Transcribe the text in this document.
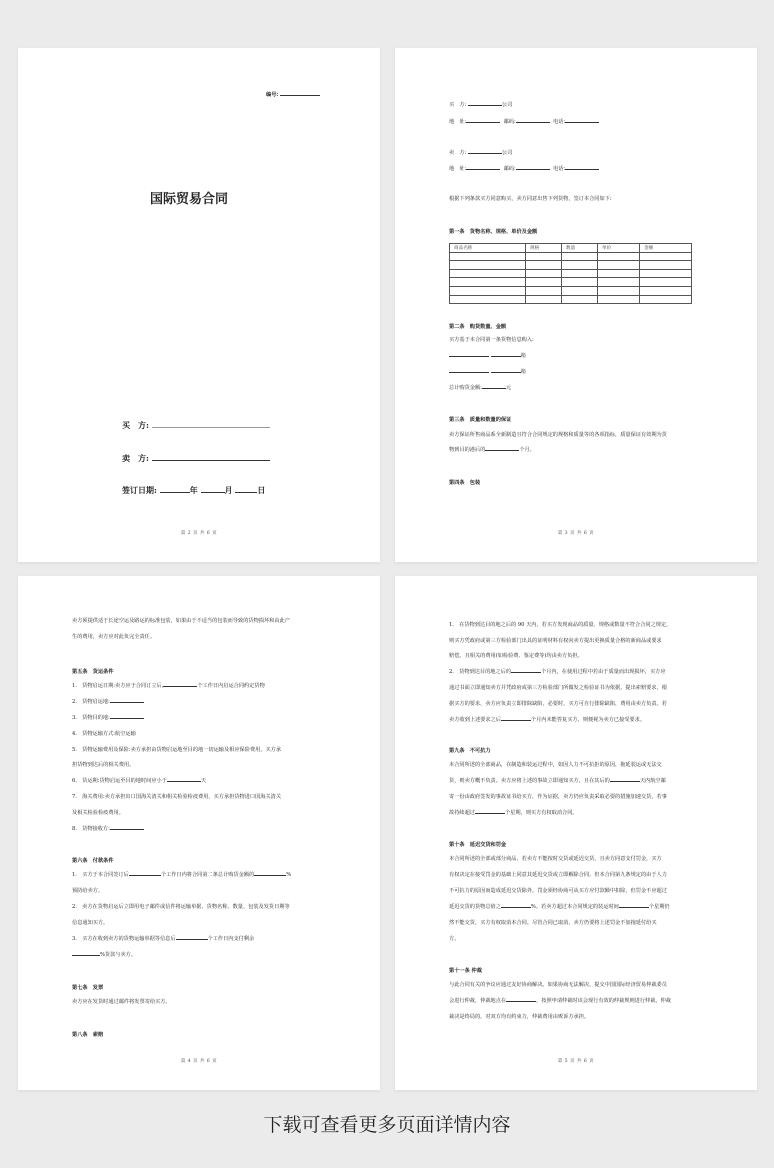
编号:
国际贸易合同
买　方:
卖　方:
签订日期:	年	月	日
第 2 页 共 6 页
买　方:	公司
地　址:	邮码:	电话:
卖　方:	公司
地　址:	邮码:	电话:
根据下列条款买方同意购买，卖方同意出售下列货物，签订本合同如下:
第一条　货物名称、规格、单价及金额
商品名称	规格	数量	单价	金额

第二条　购货数量、金额
买方基于本合同第一条货物信息购入:
箱
箱
总计购货金额:	元
第三条　质量和数量的保证
卖方保证所售商品系全新制造且符合合同规定的规格和质量等的各项指标，质量保证有效期为货
物到目的港后的	个月。
第四条　包装
第 3 页 共 6 页
卖方须提供适于长途空运及路运的标准包装，如果由于不适当的包装而导致的货物损坏和由此产
生的费用，卖方应对此负完全责任。
第五条　货运条件
1.　货物启运日期:卖方应于合同订立后,	个工作日内启运合同约定货物
2.　货物启运地:
3.　货物目的地:
4.　货物运输方式:航空运输
5.　货物运输费用及保险:卖方承担由货物启运地至目的地一切运输及相应保险费用，买方承
担货物到达后的相关费用。
6.　货运期:货物启运至目的地时间应小于	天
7.　海关费用:卖方承担出口国海关清关和相关检验检疫费用，买方承担货物进口国海关清关
及相关检验检疫费用。
8.　货物接收方:
第六条　付款条件
1.　买方于本合同签订后	个工作日内将合同第二条总计购货金额的	%
预防给卖方。
2.　卖方在货物启运后立即用电子邮件或信件将运输单据、货物名称、数量、包装及发货日期等
信息通知买方。
3.　买方在收到卖方的货物运输单据等信息后	个工作日内支付剩余
%货款与卖方。
第七条　发票
卖方应在发货时通过邮件将发票寄给买方。
第八条　索赔
第 4 页 共 6 页
1.　在货物到达目的地之后的 90 天内，若买方发现商品的质量、规格或数量不符合合同之规定，
则买方凭政府或第三方检验部门出具的证明材料有权向卖方提出更换质量合格的新商品或要求
赔偿。且相关的费用(如检验费、鉴定费等)均由卖方负担。
2.　货物到达目的地之后的	个月内，在使用过程中若由于质量而出现损坏，买方应
通过书面立即通知卖方并凭政府或第三方检验部门所做发之检验证书为依据，提出索赔要求，根
据买方的要求，卖方应负责立即排除缺陷，必要时，买方可自行排除缺陷，费用由卖方负责。若
卖方收到上述要求之后	个月内未能答复买方，则便视为卖方已接受要求。
第九条　不可抗力
本合同所述的全部商品，在制造和装运过程中，如因人力不可抗拒的原因，拖延装运或无法交
货，则卖方概不负责。卖方应将上述的事故立即通知买方，且在其后的	天内航空邮
寄一份由政府签发的事故证书给买方，作为证据，卖方仍应负责采取必要的措施加速交货，若事
故持续超过	个星期，则买方有权取消合同。
第十条　延迟交货和罚金
本合同所述的全部或部分商品，若卖方不能按时交货或延迟交货，且卖方同意支付罚金，买方
有权决定在接受罚金的基础上同意其延迟交货或立即解除合同。但本合同第九条规定的由于人力
不可抗力的原因而造成延迟交货除外。罚金须经协商可从买方应付款额中扣除，但罚金不应超过
延迟交货的货物总值之	%。若卖方超过本合同规定的装运时间	个星期仍
然不能交货，买方有权取消本合同。尽管合同已取消，卖方仍要将上述罚金不加拖延付给买
方。
第十一条 仲裁
与此合同有关的争议应通过友好协商解决。如果协商无法解决，提交中国国际经济贸易仲裁委员
会进行仲裁，仲裁地点在	，按照申请仲裁时该会现行有效的仲裁规则进行仲裁，仲裁
裁决是终局的，对双方均有约束力，仲裁费用由败诉方承担。
第 5 页 共 6 页
下载可查看更多页面详情内容
